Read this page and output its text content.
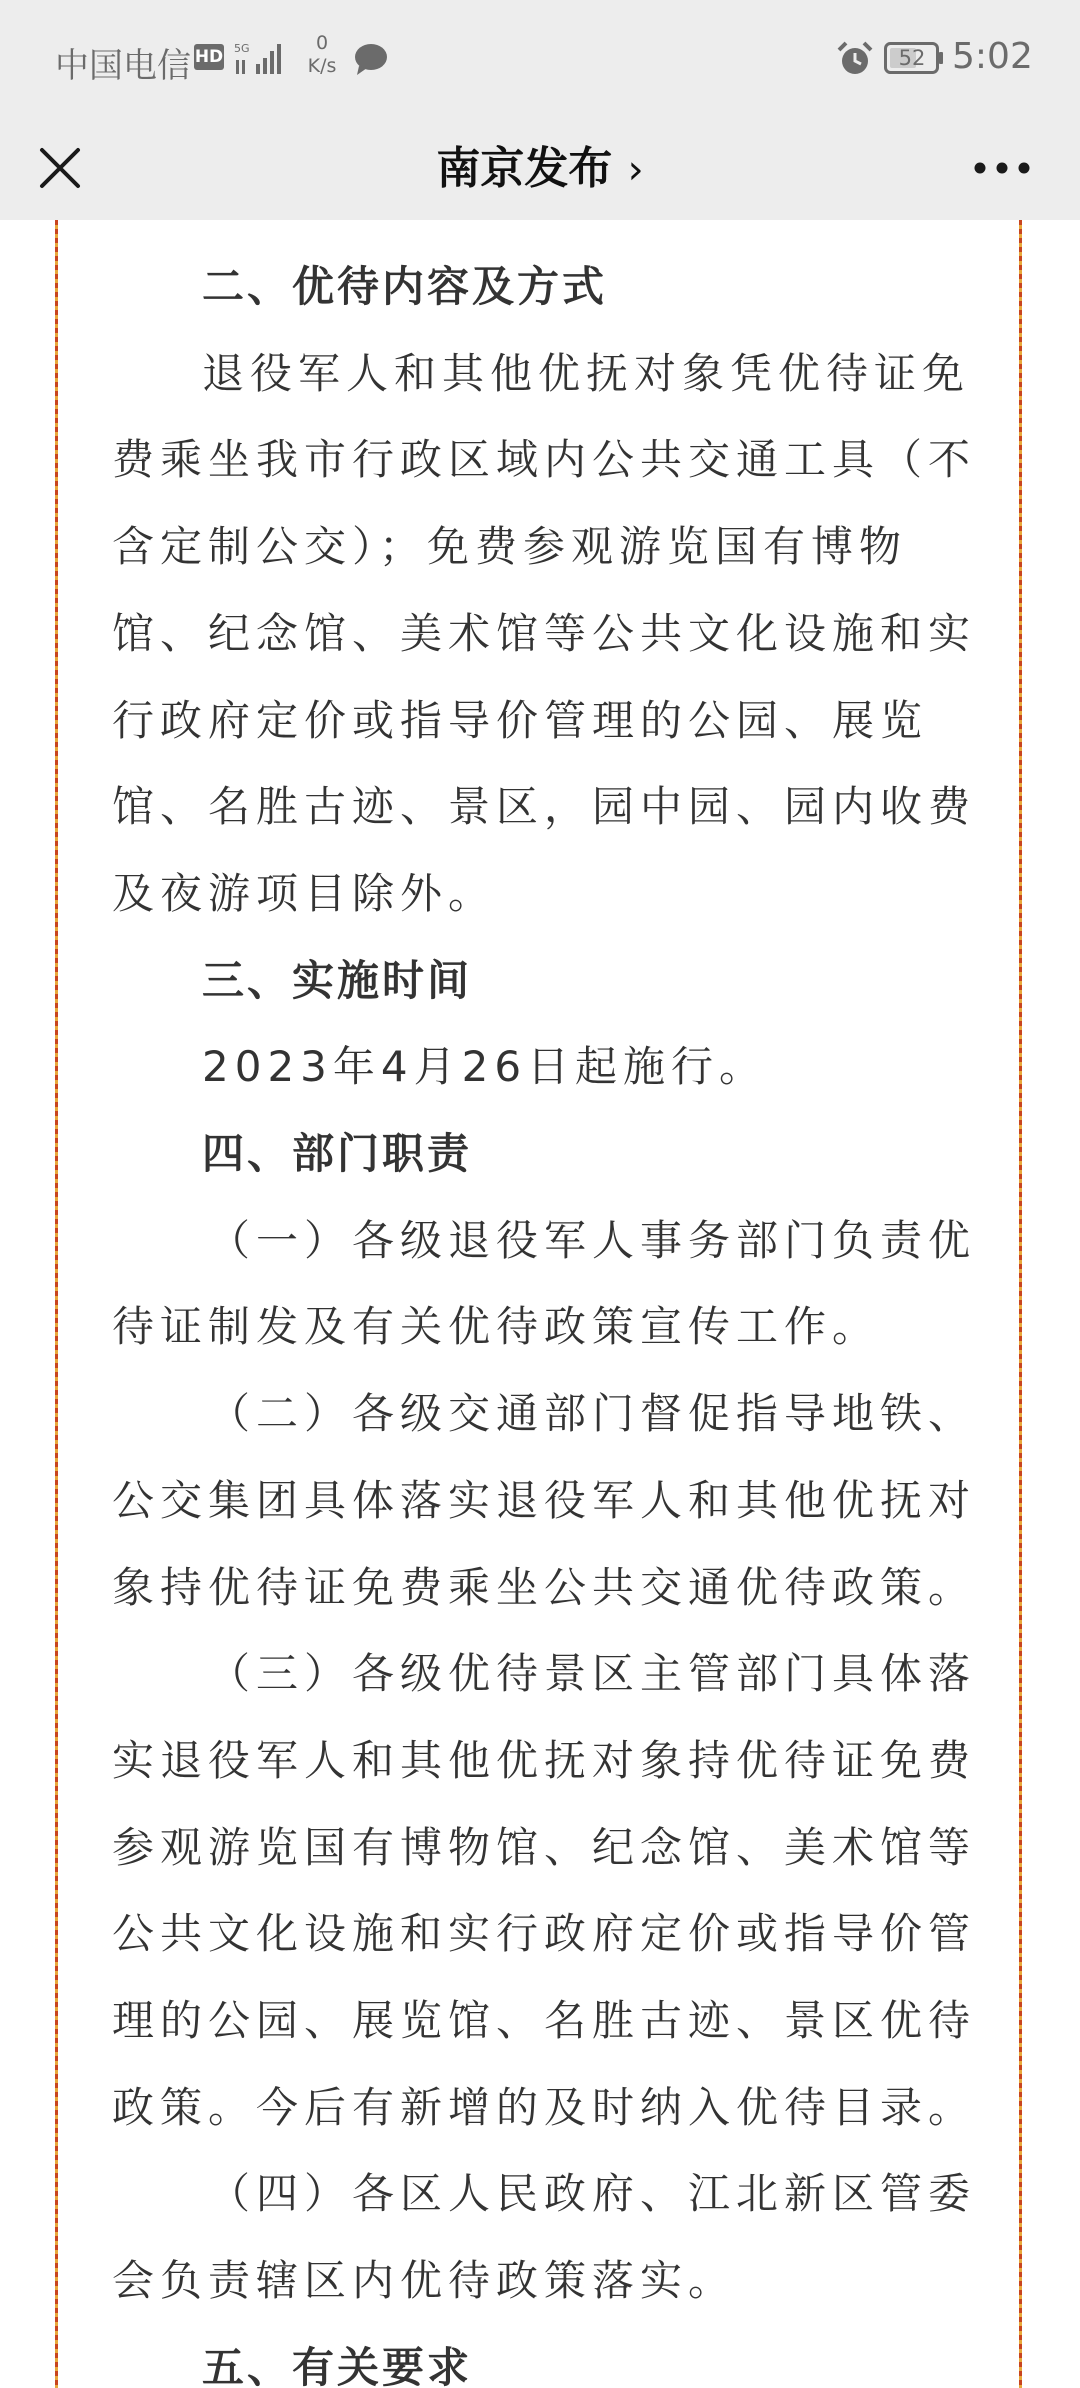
中国电信 HD 5G	0
K/s	52 5:02
南京发布 ›

二、优待内容及方式

退役军人和其他优抚对象凭优待证免

费乘坐我市行政区域内公共交通工具（不

含定制公交）；免费参观游览国有博物

馆、纪念馆、美术馆等公共文化设施和实

行政府定价或指导价管理的公园、展览

馆、名胜古迹、景区，园中园、园内收费

及夜游项目除外。

三、实施时间

2023年4月26日起施行。

四、部门职责

（一）各级退役军人事务部门负责优

待证制发及有关优待政策宣传工作。

（二）各级交通部门督促指导地铁、

公交集团具体落实退役军人和其他优抚对

象持优待证免费乘坐公共交通优待政策。

（三）各级优待景区主管部门具体落

实退役军人和其他优抚对象持优待证免费

参观游览国有博物馆、纪念馆、美术馆等

公共文化设施和实行政府定价或指导价管

理的公园、展览馆、名胜古迹、景区优待

政策。今后有新增的及时纳入优待目录。

（四）各区人民政府、江北新区管委

会负责辖区内优待政策落实。

五、有关要求
